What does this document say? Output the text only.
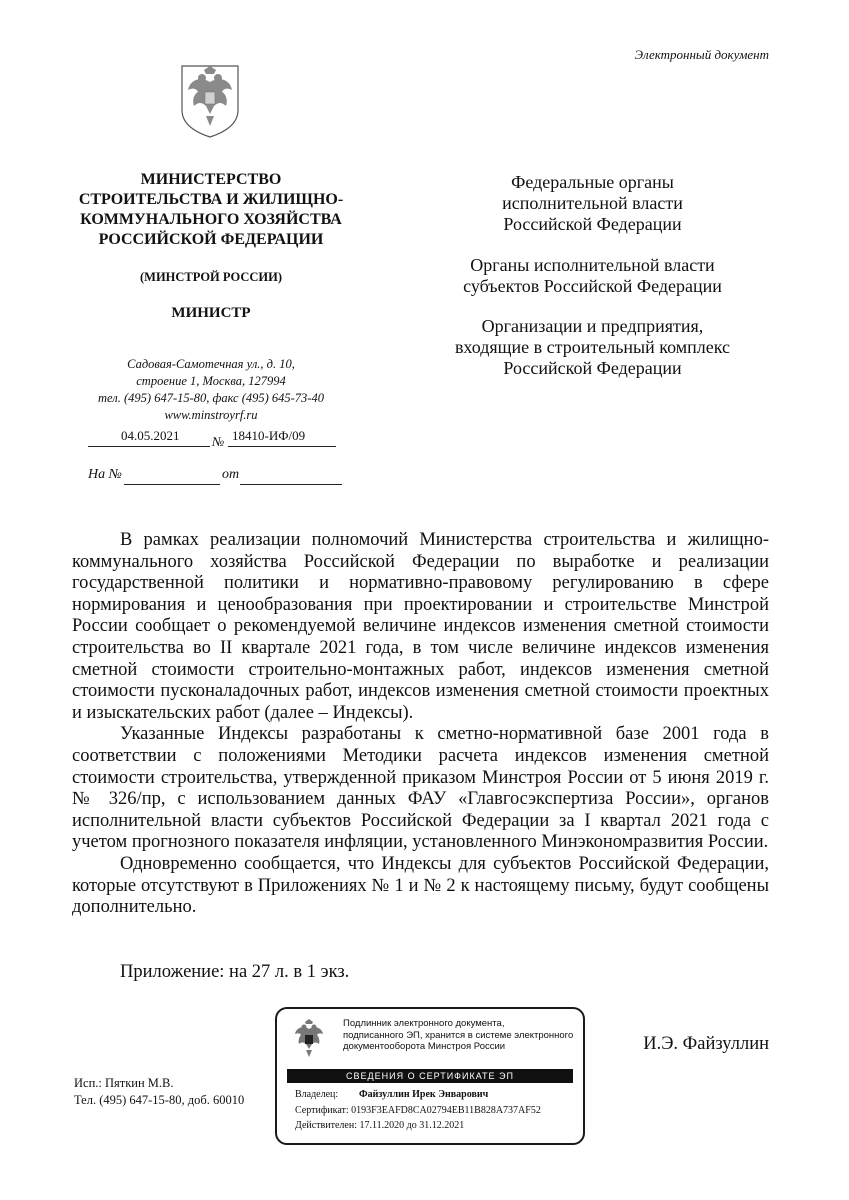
Электронный документ
МИНИСТЕРСТВО
СТРОИТЕЛЬСТВА И ЖИЛИЩНО-
КОММУНАЛЬНОГО ХОЗЯЙСТВА
РОССИЙСКОЙ ФЕДЕРАЦИИ
(МИНСТРОЙ РОССИИ)
МИНИСТР
Садовая-Самотечная ул., д. 10,
строение 1, Москва, 127994
тел. (495) 647-15-80, факс (495) 645-73-40
www.minstroyrf.ru
04.05.2021	№ 18410-ИФ/09
На №	от
Федеральные органы
исполнительной власти
Российской Федерации
Органы исполнительной власти
субъектов Российской Федерации
Организации и предприятия,
входящие в строительный комплекс
Российской Федерации

В рамках реализации полномочий Министерства строительства и жилищно-коммунального хозяйства Российской Федерации по выработке и реализации государственной политики и нормативно-правовому регулированию в сфере нормирования и ценообразования при проектировании и строительстве Минстрой России сообщает о рекомендуемой величине индексов изменения сметной стоимости строительства во II квартале 2021 года, в том числе величине индексов изменения сметной стоимости строительно-монтажных работ, индексов изменения сметной стоимости пусконаладочных работ, индексов изменения сметной стоимости проектных и изыскательских работ (далее – Индексы).

Указанные Индексы разработаны к сметно-нормативной базе 2001 года в соответствии с положениями Методики расчета индексов изменения сметной стоимости строительства, утвержденной приказом Минстроя России от 5 июня 2019 г. № 326/пр, с использованием данных ФАУ «Главгосэкспертиза России», органов исполнительной власти субъектов Российской Федерации за I квартал 2021 года с учетом прогнозного показателя инфляции, установленного Минэкономразвития России.

Одновременно сообщается, что Индексы для субъектов Российской Федерации, которые отсутствуют в Приложениях № 1 и № 2 к настоящему письму, будут сообщены дополнительно.

Приложение: на 27 л. в 1 экз.
Подлинник электронного документа,
подписанного ЭП, хранится в системе электронного
документооборота Минстроя России
СВЕДЕНИЯ О СЕРТИФИКАТЕ ЭП
Владелец: Файзуллин Ирек Энварович
Сертификат: 0193F3EAFD8CA02794EB11B828A737AF52
Действителен: 17.11.2020 до 31.12.2021
И.Э. Файзуллин
Исп.: Пяткин М.В.
Тел. (495) 647-15-80, доб. 60010
